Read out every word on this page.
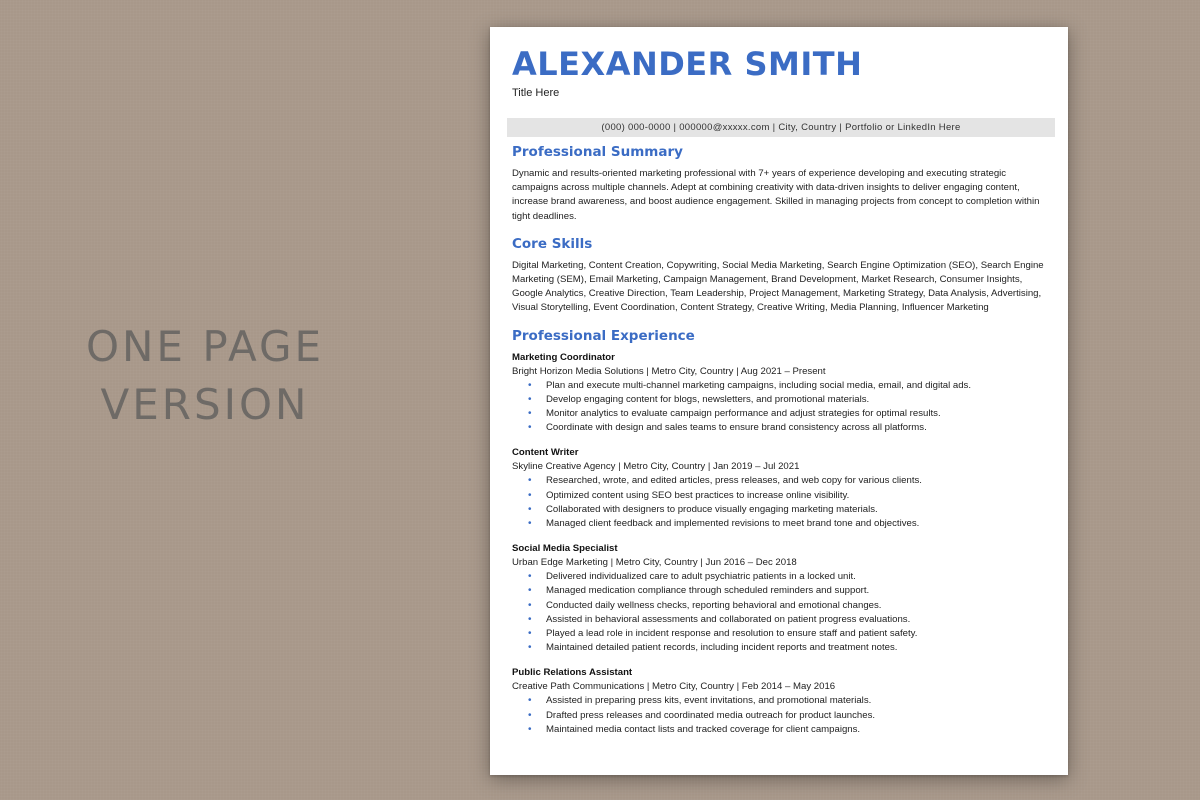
ONE PAGE
VERSION
ALEXANDER SMITH
Title Here
(000) 000-0000 | 000000@xxxxx.com | City, Country | Portfolio or LinkedIn Here
Professional Summary

Dynamic and results-oriented marketing professional with 7+ years of experience developing and executing strategic campaigns across multiple channels. Adept at combining creativity with data-driven insights to deliver engaging content, increase brand awareness, and boost audience engagement. Skilled in managing projects from concept to completion within tight deadlines.

Core Skills

Digital Marketing, Content Creation, Copywriting, Social Media Marketing, Search Engine Optimization (SEO), Search Engine Marketing (SEM), Email Marketing, Campaign Management, Brand Development, Market Research, Consumer Insights, Google Analytics, Creative Direction, Team Leadership, Project Management, Marketing Strategy, Data Analysis, Advertising, Visual Storytelling, Event Coordination, Content Strategy, Creative Writing, Media Planning, Influencer Marketing

Professional Experience
Marketing Coordinator
Bright Horizon Media Solutions | Metro City, Country | Aug 2021 – Present
• Plan and execute multi-channel marketing campaigns, including social media, email, and digital ads.
• Develop engaging content for blogs, newsletters, and promotional materials.
• Monitor analytics to evaluate campaign performance and adjust strategies for optimal results.
• Coordinate with design and sales teams to ensure brand consistency across all platforms.
Content Writer
Skyline Creative Agency | Metro City, Country | Jan 2019 – Jul 2021
• Researched, wrote, and edited articles, press releases, and web copy for various clients.
• Optimized content using SEO best practices to increase online visibility.
• Collaborated with designers to produce visually engaging marketing materials.
• Managed client feedback and implemented revisions to meet brand tone and objectives.
Social Media Specialist
Urban Edge Marketing | Metro City, Country | Jun 2016 – Dec 2018
• Delivered individualized care to adult psychiatric patients in a locked unit.
• Managed medication compliance through scheduled reminders and support.
• Conducted daily wellness checks, reporting behavioral and emotional changes.
• Assisted in behavioral assessments and collaborated on patient progress evaluations.
• Played a lead role in incident response and resolution to ensure staff and patient safety.
• Maintained detailed patient records, including incident reports and treatment notes.
Public Relations Assistant
Creative Path Communications | Metro City, Country | Feb 2014 – May 2016
• Assisted in preparing press kits, event invitations, and promotional materials.
• Drafted press releases and coordinated media outreach for product launches.
• Maintained media contact lists and tracked coverage for client campaigns.
